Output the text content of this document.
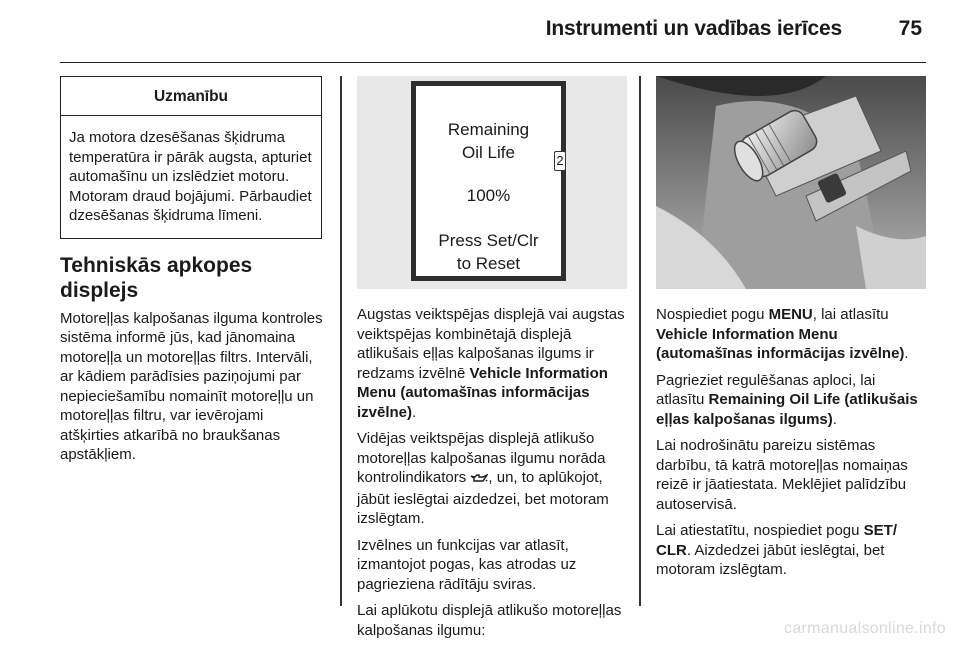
Instrumenti un vadības ierīces	75
Uzmanību
Ja motora dzesēšanas šķidruma temperatūra ir pārāk augsta, apturiet automašīnu un izslēdziet motoru. Motoram draud bojājumi. Pārbaudiet dzesēšanas šķidruma līmeni.
Tehniskās apkopes displejs
Motoreļļas kalpošanas ilguma kontroles sistēma informē jūs, kad jānomaina motoreļļa un motoreļļas filtrs. Intervāli, ar kādiem parādīsies paziņojumi par nepieciešamību nomainīt motoreļļu un motoreļļas filtru, var ievērojami atšķirties atkarībā no braukšanas apstākļiem.
Remaining
Oil Life
100%
Press Set/Clr
to Reset
2

Augstas veiktspējas displejā vai augstas veiktspējas kombinētajā displejā atlikušais eļļas kalpošanas ilgums ir redzams izvēlnē Vehicle Information Menu (automašīnas informācijas izvēlne).

Vidējas veiktspējas displejā atlikušo motoreļļas kalpošanas ilgumu norāda kontrolindikators , un, to aplūkojot, jābūt ieslēgtai aizdedzei, bet motoram izslēgtam.

Izvēlnes un funkcijas var atlasīt, izmantojot pogas, kas atrodas uz pagrieziena rādītāju sviras.

Lai aplūkotu displejā atlikušo motoreļļas kalpošanas ilgumu:

Nospiediet pogu MENU, lai atlasītu Vehicle Information Menu (automašīnas informācijas izvēlne).

Pagrieziet regulēšanas aploci, lai atlasītu Remaining Oil Life (atlikušais eļļas kalpošanas ilgums).

Lai nodrošinātu pareizu sistēmas darbību, tā katrā motoreļļas nomaiņas reizē ir jāatiestata. Meklējiet palīdzību autoservisā.

Lai atiestatītu, nospiediet pogu SET/ CLR. Aizdedzei jābūt ieslēgtai, bet motoram izslēgtam.

carmanualsonline.info
